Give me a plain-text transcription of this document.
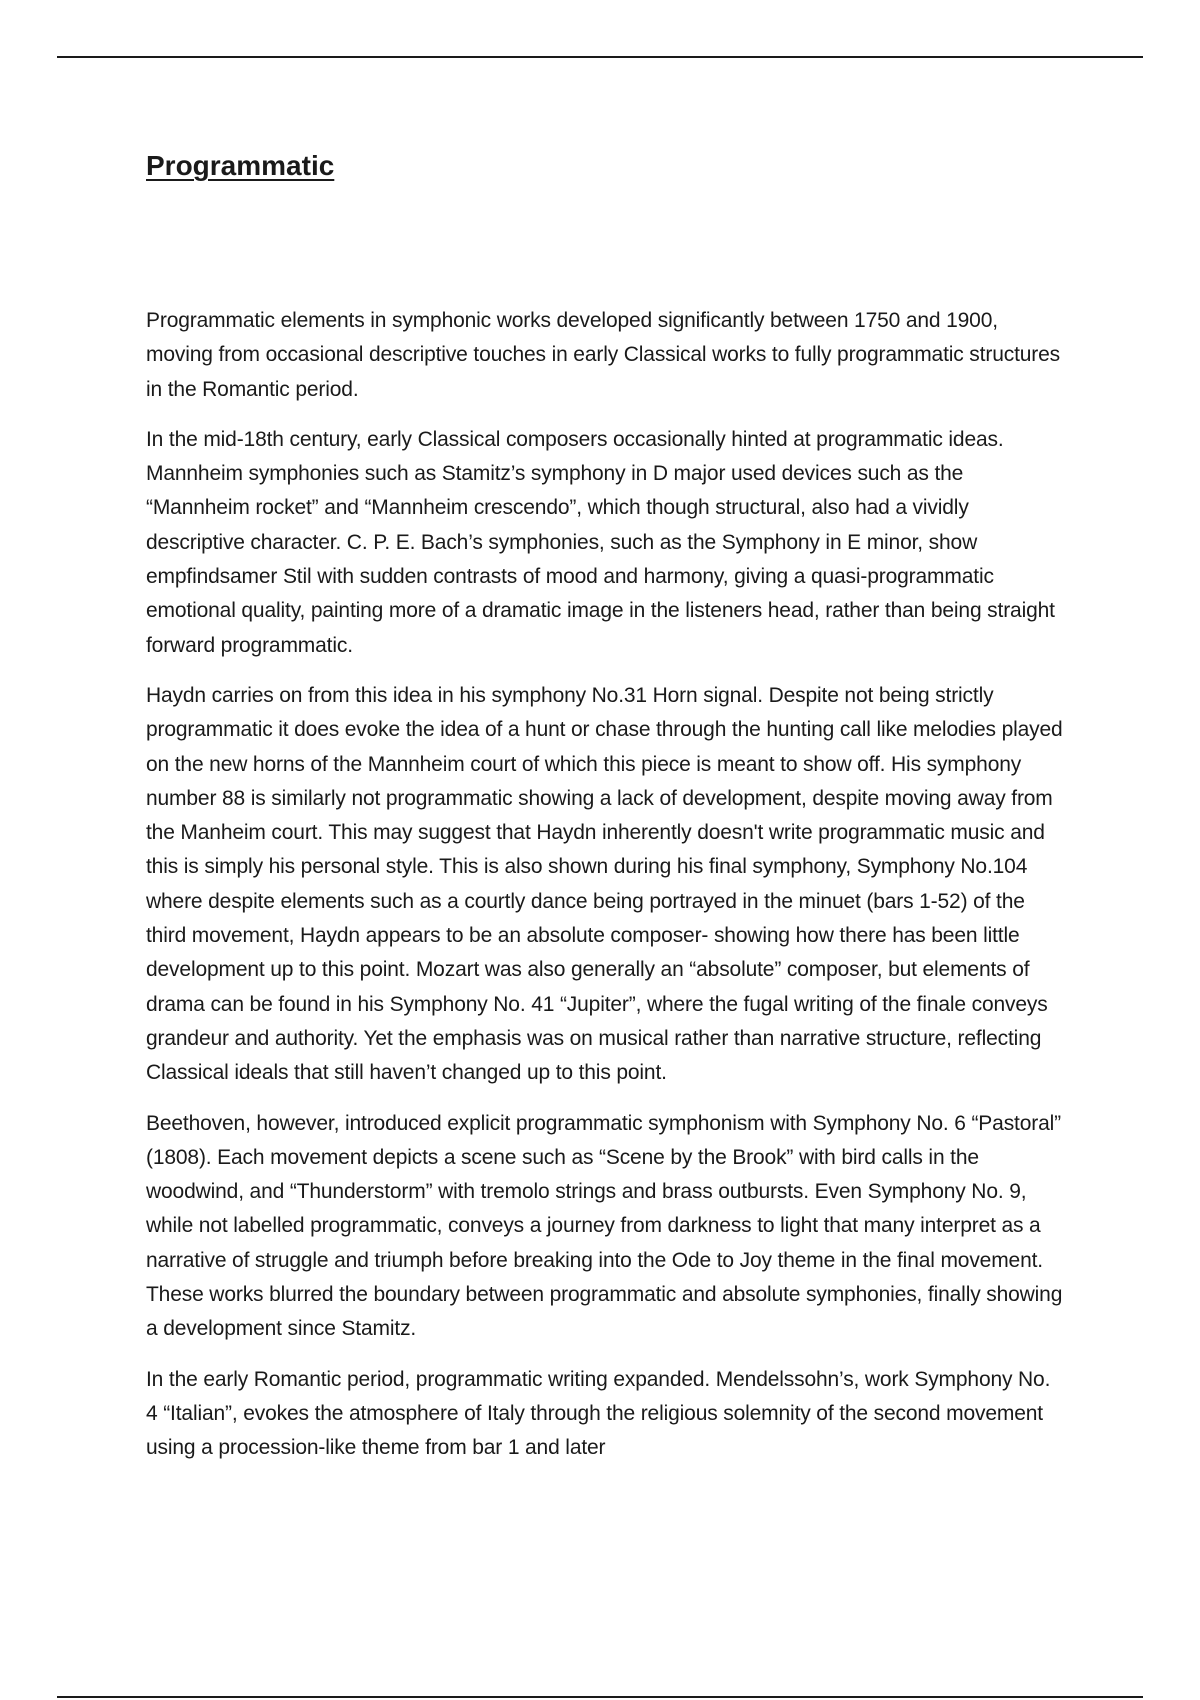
Programmatic

Programmatic elements in symphonic works developed significantly between 1750 and 1900, moving from occasional descriptive touches in early Classical works to fully programmatic structures in the Romantic period.

In the mid-18th century, early Classical composers occasionally hinted at programmatic ideas. Mannheim symphonies such as Stamitz’s symphony in D major used devices such as the “Mannheim rocket” and “Mannheim crescendo”, which though structural, also had a vividly descriptive character. C. P. E. Bach’s symphonies, such as the Symphony in E minor, show empfindsamer Stil with sudden contrasts of mood and harmony, giving a quasi-programmatic emotional quality, painting more of a dramatic image in the listeners head, rather than being straight forward programmatic.

Haydn carries on from this idea in his symphony No.31 Horn signal. Despite not being strictly programmatic it does evoke the idea of a hunt or chase through the hunting call like melodies played on the new horns of the Mannheim court of which this piece is meant to show off. His symphony number 88 is similarly not programmatic showing a lack of development, despite moving away from the Manheim court. This may suggest that Haydn inherently doesn't write programmatic music and this is simply his personal style. This is also shown during his final symphony, Symphony No.104 where despite elements such as a courtly dance being portrayed in the minuet (bars 1-52) of the third movement, Haydn appears to be an absolute composer- showing how there has been little development up to this point. Mozart was also generally an “absolute” composer, but elements of drama can be found in his Symphony No. 41 “Jupiter”, where the fugal writing of the finale conveys grandeur and authority. Yet the emphasis was on musical rather than narrative structure, reflecting Classical ideals that still haven’t changed up to this point.

Beethoven, however, introduced explicit programmatic symphonism with Symphony No. 6 “Pastoral” (1808). Each movement depicts a scene such as “Scene by the Brook” with bird calls in the woodwind, and “Thunderstorm” with tremolo strings and brass outbursts. Even Symphony No. 9, while not labelled programmatic, conveys a journey from darkness to light that many interpret as a narrative of struggle and triumph before breaking into the Ode to Joy theme in the final movement. These works blurred the boundary between programmatic and absolute symphonies, finally showing a development since Stamitz.

In the early Romantic period, programmatic writing expanded. Mendelssohn’s, work Symphony No. 4 “Italian”, evokes the atmosphere of Italy through the religious solemnity of the second movement using a procession-like theme from bar 1 and later
